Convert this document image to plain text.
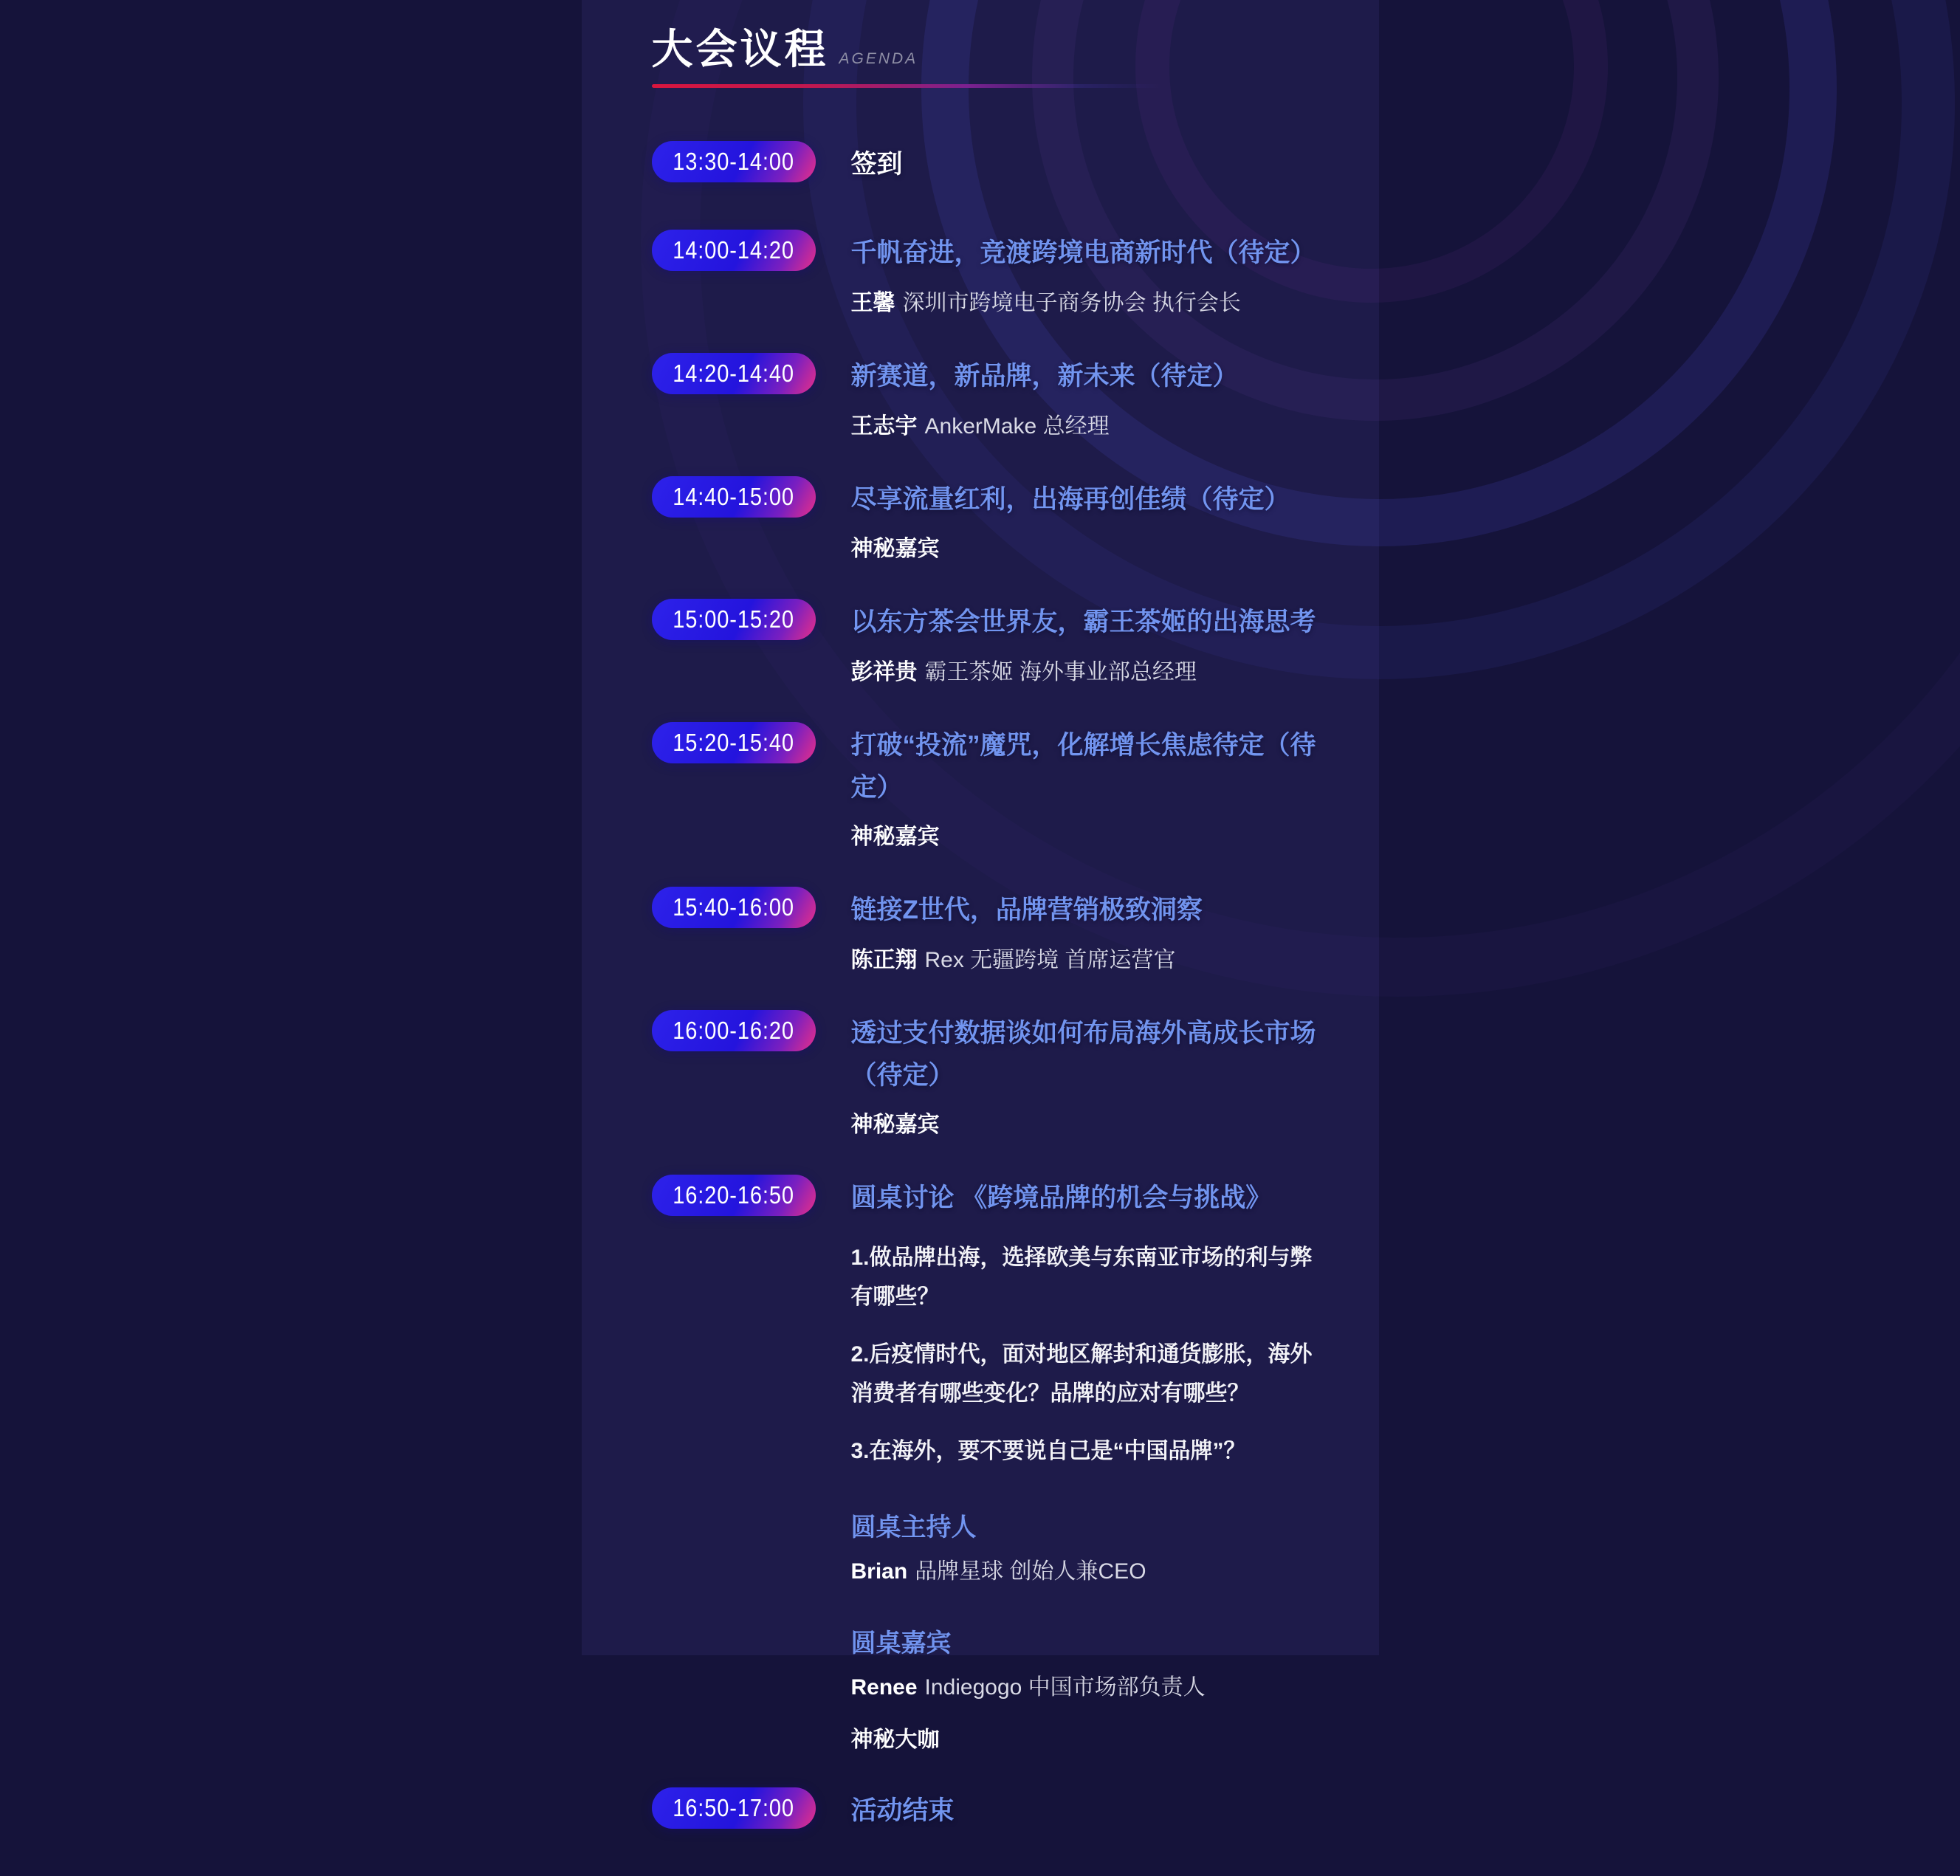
大会议程 AGENDA
13:30-14:00 签到
14:00-14:20 千帆奋进，竞渡跨境电商新时代（待定）
王馨 深圳市跨境电子商务协会 执行会长
14:20-14:40 新赛道，新品牌，新未来（待定）
王志宇 AnkerMake 总经理
14:40-15:00 尽享流量红利，出海再创佳绩（待定）
神秘嘉宾
15:00-15:20 以东方茶会世界友，霸王茶姬的出海思考
彭祥贵 霸王茶姬 海外事业部总经理
15:20-15:40 打破“投流”魔咒，化解增长焦虑待定（待定）
神秘嘉宾
15:40-16:00 链接Z世代，品牌营销极致洞察
陈正翔 Rex 无疆跨境 首席运营官
16:00-16:20 透过支付数据谈如何布局海外高成长市场（待定）
神秘嘉宾
16:20-16:50 圆桌讨论 《跨境品牌的机会与挑战》
1.做品牌出海，选择欧美与东南亚市场的利与弊有哪些？
2.后疫情时代，面对地区解封和通货膨胀，海外消费者有哪些变化？品牌的应对有哪些？
3.在海外，要不要说自己是“中国品牌”？
圆桌主持人
Brian 品牌星球 创始人兼CEO
圆桌嘉宾
Renee Indiegogo 中国市场部负责人
神秘大咖
16:50-17:00 活动结束
